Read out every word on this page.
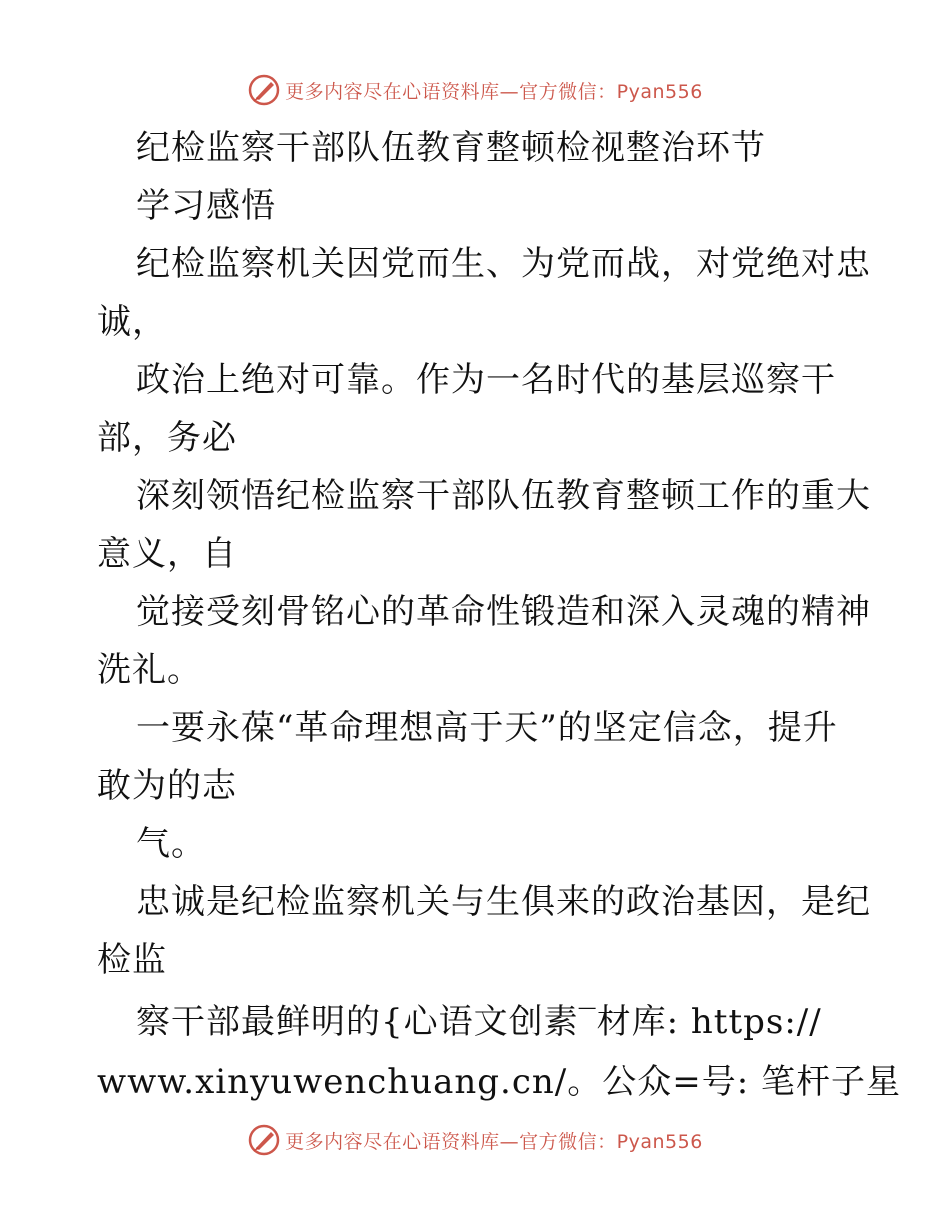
更多内容尽在心语资料库—官方微信：Pyan556
纪检监察干部队伍教育整顿检视整治环节
学习感悟
纪检监察机关因党而生、为党而战，对党绝对忠
诚，
政治上绝对可靠。作为一名时代的基层巡察干
部，务必
深刻领悟纪检监察干部队伍教育整顿工作的重大
意义，自
觉接受刻骨铭心的革命性锻造和深入灵魂的精神
洗礼。
一要永葆“革命理想高于天”的坚定信念，提升
敢为的志
气。
忠诚是纪检监察机关与生俱来的政治基因，是纪
检监
察干部最鲜明的{心语文创素‾材库: https://
www.xinyuwenchuang.cn/。公众=号: 笔杆子星
更多内容尽在心语资料库—官方微信：Pyan556
